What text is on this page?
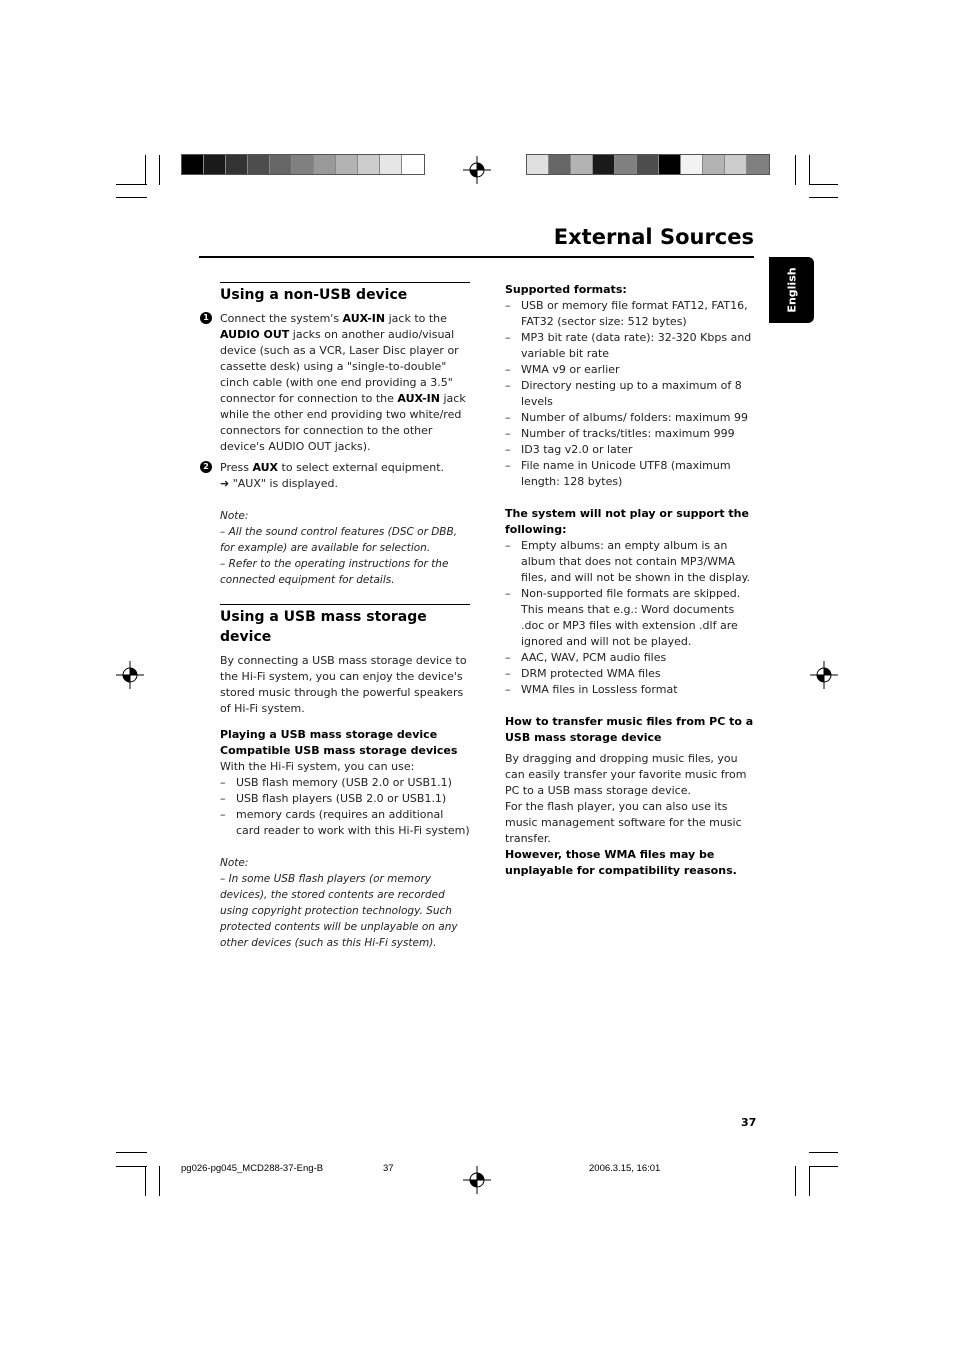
External Sources
English
Using a non-USB device
1 Connect the system's AUX-IN jack to the AUDIO OUT jacks on another audio/visual device (such as a VCR, Laser Disc player or cassette desk) using a "single-to-double" cinch cable (with one end providing a 3.5" connector for connection to the AUX-IN jack while the other end providing two white/red connectors for connection to the other device's AUDIO OUT jacks).

2 Press AUX to select external equipment.

➜ "AUX" is displayed.

Note:

– All the sound control features (DSC or DBB, for example) are available for selection.

– Refer to the operating instructions for the connected equipment for details.

Using a USB mass storage device

By connecting a USB mass storage device to the Hi-Fi system, you can enjoy the device's stored music through the powerful speakers of Hi-Fi system.

Playing a USB mass storage device

Compatible USB mass storage devices

With the Hi-Fi system, you can use:

– USB flash memory (USB 2.0 or USB1.1)
– USB flash players (USB 2.0 or USB1.1)
– memory cards (requires an additional card reader to work with this Hi-Fi system)

Note:

– In some USB flash players (or memory devices), the stored contents are recorded using copyright protection technology. Such protected contents will be unplayable on any other devices (such as this Hi-Fi system).

Supported formats:

– USB or memory file format FAT12, FAT16, FAT32 (sector size: 512 bytes)
– MP3 bit rate (data rate): 32-320 Kbps and variable bit rate
– WMA v9 or earlier
– Directory nesting up to a maximum of 8 levels
– Number of albums/ folders: maximum 99
– Number of tracks/titles: maximum 999
– ID3 tag v2.0 or later
– File name in Unicode UTF8 (maximum length: 128 bytes)

The system will not play or support the following:

– Empty albums: an empty album is an album that does not contain MP3/WMA files, and will not be shown in the display.
– Non-supported file formats are skipped. This means that e.g.: Word documents .doc or MP3 files with extension .dlf are ignored and will not be played.
– AAC, WAV, PCM audio files
– DRM protected WMA files
– WMA files in Lossless format

How to transfer music files from PC to a USB mass storage device

By dragging and dropping music files, you can easily transfer your favorite music from PC to a USB mass storage device.

For the flash player, you can also use its music management software for the music transfer.

However, those WMA files may be unplayable for compatibility reasons.

37
pg026-pg045_MCD288-37-Eng-B	37	2006.3.15, 16:01
